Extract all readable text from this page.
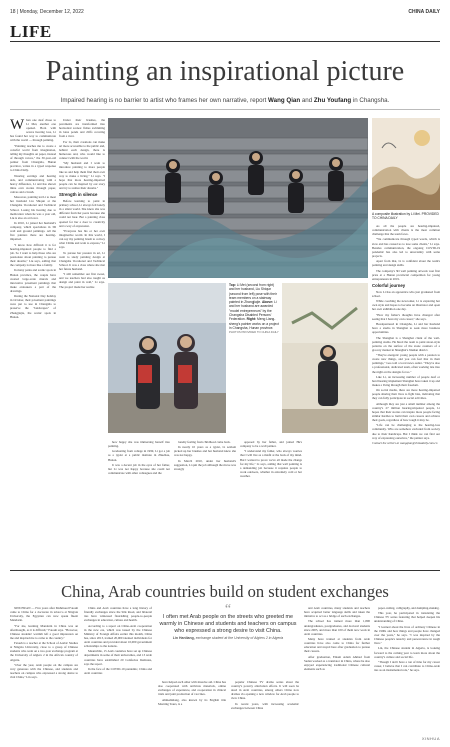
18 | Monday, December 12, 2022	CHINA DAILY
LIFE
Painting an inspirational picture
Impaired hearing is no barrier to artist who frames her own narrative, report Wang Qian and Zhu Youfang in Changsha.

When one deaf chose to Li Mei, another one opened. Born with severe hearing loss, Li has found her way to communicate with the world — through painting.

"Painting teaches me to create a colorful world from imagination, telling my thoughts on paper, instead of through voices," the 30-year-old painter from Changsha, Hunan province, writes in a typed response to China Daily.

Wearing earrings and hearing aids, and communicating with a heavy difference, Li and has shown mine own stories through paper, canvas and a brush.

Moreover, painting led Li to meet her husband Liu Shiqun at the Changsha Vocational and Technical School. Losing his hearing due to medication when he was a year old, Liu is also an art lover.

In 2010, Li joined her husband's company, which specializes in 3D wall and ground paintings. All the five painters there are hearing-impaired.

"I know how difficult it is for hearing-impaired people to find a job. So I want to help those who are passionate about painting to pursue their dreams," Liu says, adding that the company is more like a family.

In many parks and scenic spots in Hunan province, the couple have created large-scale murals and innovative pavement paintings that make onlookers a part of the drawings.

During the National Day holiday in October, their pavement paintings were put to use in Changsha to preserve the "landscapes" of Zhangjiajie, the scenic spots in Hunan.

Under their brushes, the pavements are transformed into horizontal scenes: fishes swimming in lotus ponds and cliffs covering from a river.

For Li, their creations can make art more accessible to the public and, behind each design, there is humorous and, who would like to connect with the world.

"My husband and I want to introduce painting to more people like us and help them find their own way to make a living," Li says. "I hope that more hearing-impaired people can be inspired by our story and try to realize their dreams."

Strength in silence

Before learning to paint in primary school, Li always felt lonely in a silent world. She knew she was different from her peers because she could not hear. But a painting class opened for her a door to creativity and a way of expression.

"Everyone has his or her own imaginative world. In this world, I can say my painting brush to convey what I think and want to express," Li says.

To pursue her passion in art, Li went to study painting design at Changsha Vocational and Technical School. It was a class where she met her future husband.

"I still remember our first sweet, and we teachers had also taught us design and paint in wall," Li says. The project made her realize	Top: Li Mei (second from right) and her husband, Liu Shiqun (second from left) pose with their team members on a stairway painted in Zhangjiajie. Above: Li and her husband are awarded "model entrepreneurs" by the Changsha Disabled Persons' Federation. Right: Meng Liang-sheng's painter works on a project in Changsha, Hunan province.
PHOTOS PROVIDED TO CHINA DAILY

how happy she was immersing herself into painting.

Graduating from college in 1999, Li got a job as a typist at a public institute in Zhuzhou, Hunan.

It was a decent job in the eyes of her father, but Li was not happy because she could not communicate with other colleagues and the

loneliy feeling from childhood came back.

In nearly 10 years as a typist, Li seldom picked up her brushes and her husband knew she was not happy.

In March 2010, under her husband's suggestion, Li quit the job although the move was strongly

opposed by her father, and joined Hu's company to be a wall painter.

"I understand my father, who always worries that I will live as a misfit at the back of my mind. But I wanted to prove we've all made the change for my life," Li says, adding that wall painting is a demanding job because it requires people to work outdoors, whether in extremely cold or hot weather.

A composite illustration by Li Mei. PROVIDED TO CHINA DAILY

As all the people are hearing-impaired, communication with clients is the most common challenge that the team faces.

"We communicate through typed words, which is slow and has caused us to lose some clients," Li says. Besides communication, the ongoing COVID-19 pandemic has also led to uncertainty with some projects.

Apart from that, Li is confident about the team's painting and design skills.

The company's 3D wall painting artwork won first prize at a Hunan provincial competition for young entrepreneurs in 2019.

Colorful journey

Now Li has an apprentice who just graduated from school.

While coaching the newcomer, Li is exploring her own style and hopes to become an illustrator and open her own exhibition one day.

"How my father's thoughts have changed after seeing that I have my own career," she says.

Headquartered in Changsha, Li and her husband have a studio in Shanghai to seek more business opportunities.

The Shanghai is a Shanghai client of the wall-painting studio. He hired the team to paint street-style patterns on the surface of the stone counters of a grocery market in Shanghai's Jinshan district.

"They're energetic young people with a passion to create new things, and you can feel that in their paintings," Gao told a local news outlet. "They're also a professional, dedicated team, often working late into the night on the designs for us."

Like Li, an increasing number of people deaf or hard hearing implement Shanghai have taken it up and makes a living through their freedom.

On social media, there are more hearing-impaired people sharing their lives to fight bias, indicating that they can fully participate in social activities.

Although they are just a small number among the country's 27 million hearing-impaired people, Li hopes that their stories can inspire more people facing similar hurdles to build their own careers and achieve their goals, regardless of how tough it may be.

"Life can be challenging to the hearing-loss community. Who are somehow excluded from society due to their handicaps. But I think we can find our way of expressing ourselves," the painter says.

Contact the writers at wangqian@chinadaily.com.cn

China, Arab countries build on student exchanges

XINCHUAN — Five years after Mahmoud Fatouh came to China for a doctorate in tobacco at Ningxia University, the Egyptian can now speak fluent Mandarin.

"For me, learning Mandarin in China was an afterthought, as it is difficult," Fatouh says. "However, Chinese students' warmth left a good impression on me and inspired me to come to the country."

Fatouh is a teacher at the School of Arabic Studies at Ningxia University, close to a group of Chinese students who went on a two-year exchange program at the University of Algiers 2 in the African country of Algeria.

"Over the year, Arab people on the campus are very generous with the Chinese, and students and teachers on campus who expressed a strong desire to visit China," Lin says.

China and Arab countries have a long history of friendly exchanges since the Silk Road, and bilateral ties have witnessed flourishing people-to-people exchanges in education, culture and health.

According to a report on China-Arab cooperation in the new era, which was issued by the Chinese Ministry of Foreign Affairs earlier this month, China has, since 2013, trained 20,000 talented individuals for Arab countries and provided about 10,000 government scholarships to the nations.

Meanwhile, 15 Arab countries have set up Chinese departments in some of their universities, and 13 Arab countries have established 20 Confucius Institutes, says the report.

In the face of the COVID-19 pandemic, China and Arab countries

“
I often met Arab people on the streets who greeted me warmly in Chinese and students and teachers on campus who expressed a strong desire to visit China.
Lin Hanliang, exchange student at the University of Algiers 2 in Algeria

have helped each other with massive aid. China has also cooperated with antivirus materials, online exchanges of experience, and cooperation in clinical trials and joint production of vaccines.

Ahmedkhang, also known by its English title Morning Tours, is a

popular Chinese TV drama series about the country's poverty alleviation efforts. It will soon be aired in Arab countries, among others China now dramas via opening a new window for Arab people to view China.

In recent years, with increasing academic exchanges between China

and Arab countries, many students and teachers have acquired better language skills and taken the initiative to act as a bridge of such exchanges.

The school has trained more than 1,800 undergraduates, postgraduates, and doctoral students since 2005, and more than 100 of them now work in Arab countries.

Many have trained at students from Arab countries have also come to China for further education and stayed here after graduation to pursue their careers.

After graduation, Emam Adam Ahmad from Sudan worked as a translator in China, where he also enjoyed experiencing traditional Chinese cultural elements such as

paper-cutting, calligraphy, and dumpling-making.

This year, he participated in translating the Chinese TV series featuring that helped deepen his understanding of China.

"I learned about the lives of ordinary Chinese in the 1990s and how things and people have changed over the years," he says. "I was inspired by the Chinese people's tenacity and perseverance in tough lives."

Lin, the Chinese student in Algeria, is looking forward to the coming year to learn more about the country's culture and social life.

"Though I don't have a ton of time for my career career, I believe that I can contribute to China-Arab ties as an instrumental role," he says.

XINHUA
